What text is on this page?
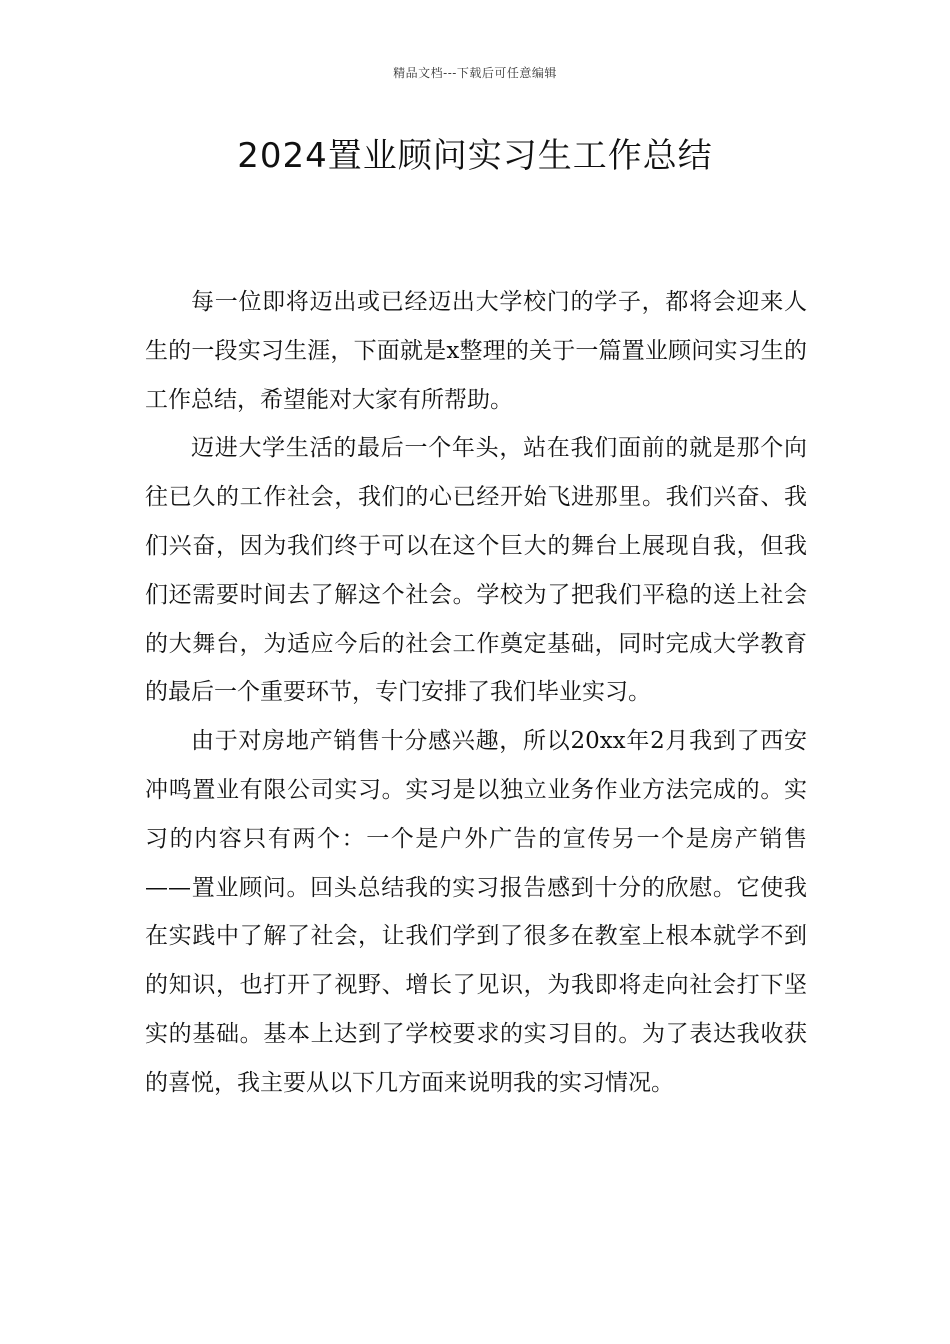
精品文档---下载后可任意编辑
2024置业顾问实习生工作总结

每一位即将迈出或已经迈出大学校门的学子，都将会迎来人生的一段实习生涯，下面就是x整理的关于一篇置业顾问实习生的工作总结，希望能对大家有所帮助。

迈进大学生活的最后一个年头，站在我们面前的就是那个向往已久的工作社会，我们的心已经开始飞进那里。我们兴奋、我们兴奋，因为我们终于可以在这个巨大的舞台上展现自我，但我们还需要时间去了解这个社会。学校为了把我们平稳的送上社会的大舞台，为适应今后的社会工作奠定基础，同时完成大学教育的最后一个重要环节，专门安排了我们毕业实习。

由于对房地产销售十分感兴趣，所以20xx年2月我到了西安冲鸣置业有限公司实习。实习是以独立业务作业方法完成的。实习的内容只有两个：一个是户外广告的宣传另一个是房产销售——置业顾问。回头总结我的实习报告感到十分的欣慰。它使我在实践中了解了社会，让我们学到了很多在教室上根本就学不到的知识，也打开了视野、增长了见识，为我即将走向社会打下坚实的基础。基本上达到了学校要求的实习目的。为了表达我收获的喜悦，我主要从以下几方面来说明我的实习情况。
